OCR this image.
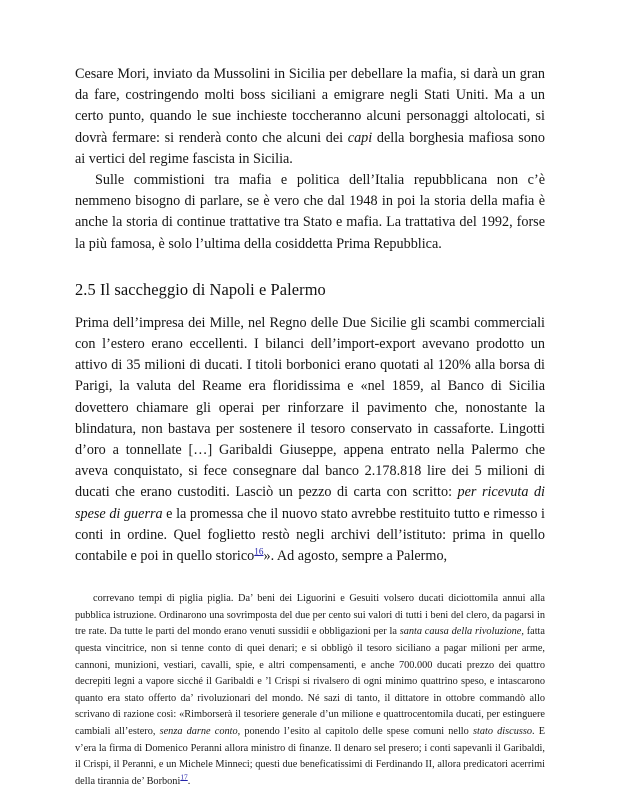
Cesare Mori, inviato da Mussolini in Sicilia per debellare la mafia, si darà un gran da fare, costringendo molti boss siciliani a emigrare negli Stati Uniti. Ma a un certo punto, quando le sue inchieste toccheranno alcuni personaggi altolocati, si dovrà fermare: si renderà conto che alcuni dei capi della borghesia mafiosa sono ai vertici del regime fascista in Sicilia.

Sulle commistioni tra mafia e politica dell’Italia repubblicana non c’è nemmeno bisogno di parlare, se è vero che dal 1948 in poi la storia della mafia è anche la storia di continue trattative tra Stato e mafia. La trattativa del 1992, forse la più famosa, è solo l’ultima della cosiddetta Prima Repubblica.

2.5 Il saccheggio di Napoli e Palermo

Prima dell’impresa dei Mille, nel Regno delle Due Sicilie gli scambi commerciali con l’estero erano eccellenti. I bilanci dell’import-export avevano prodotto un attivo di 35 milioni di ducati. I titoli borbonici erano quotati al 120% alla borsa di Parigi, la valuta del Reame era floridissima e «nel 1859, al Banco di Sicilia dovettero chiamare gli operai per rinforzare il pavimento che, nonostante la blindatura, non bastava per sostenere il tesoro conservato in cassaforte. Lingotti d’oro a tonnellate […] Garibaldi Giuseppe, appena entrato nella Palermo che aveva conquistato, si fece consegnare dal banco 2.178.818 lire dei 5 milioni di ducati che erano custoditi. Lasciò un pezzo di carta con scritto: per ricevuta di spese di guerra e la promessa che il nuovo stato avrebbe restituito tutto e rimesso i conti in ordine. Quel foglietto restò negli archivi dell’istituto: prima in quello contabile e poi in quello storico$^{16}$». Ad agosto, sempre a Palermo,

correvano tempi di piglia piglia. Da’ beni dei Liguorini e Gesuiti volsero ducati diciottomila annui alla pubblica istruzione. Ordinarono una sovrimposta del due per cento sui valori di tutti i beni del clero, da pagarsi in tre rate. Da tutte le parti del mondo erano venuti sussidii e obbligazioni per la santa causa della rivoluzione, fatta questa vincitrice, non si tenne conto di quei denari; e si obbligò il tesoro siciliano a pagar milioni per arme, cannoni, munizioni, vestiari, cavalli, spie, e altri compensamenti, e anche 700.000 ducati prezzo dei quattro decrepiti legni a vapore sicché il Garibaldi e ’l Crispi si rivalsero di ogni minimo quattrino speso, e intascarono quanto era stato offerto da’ rivoluzionari del mondo. Né sazi di tanto, il dittatore in ottobre commandò allo scrivano di razione così: «Rimborserà il tesoriere generale d’un milione e quattrocentomila ducati, per estinguere cambiali all’estero, senza darne conto, ponendo l’esito al capitolo delle spese comuni nello stato discusso. E v’era la firma di Domenico Peranni allora ministro di finanze. Il denaro sel presero; i conti sapevanli il Garibaldi, il Crispi, il Peranni, e un Michele Minneci; questi due beneficatissimi di Ferdinando II, allora predicatori acerrimi della tirannia de’ Borboni$^{17}$.
